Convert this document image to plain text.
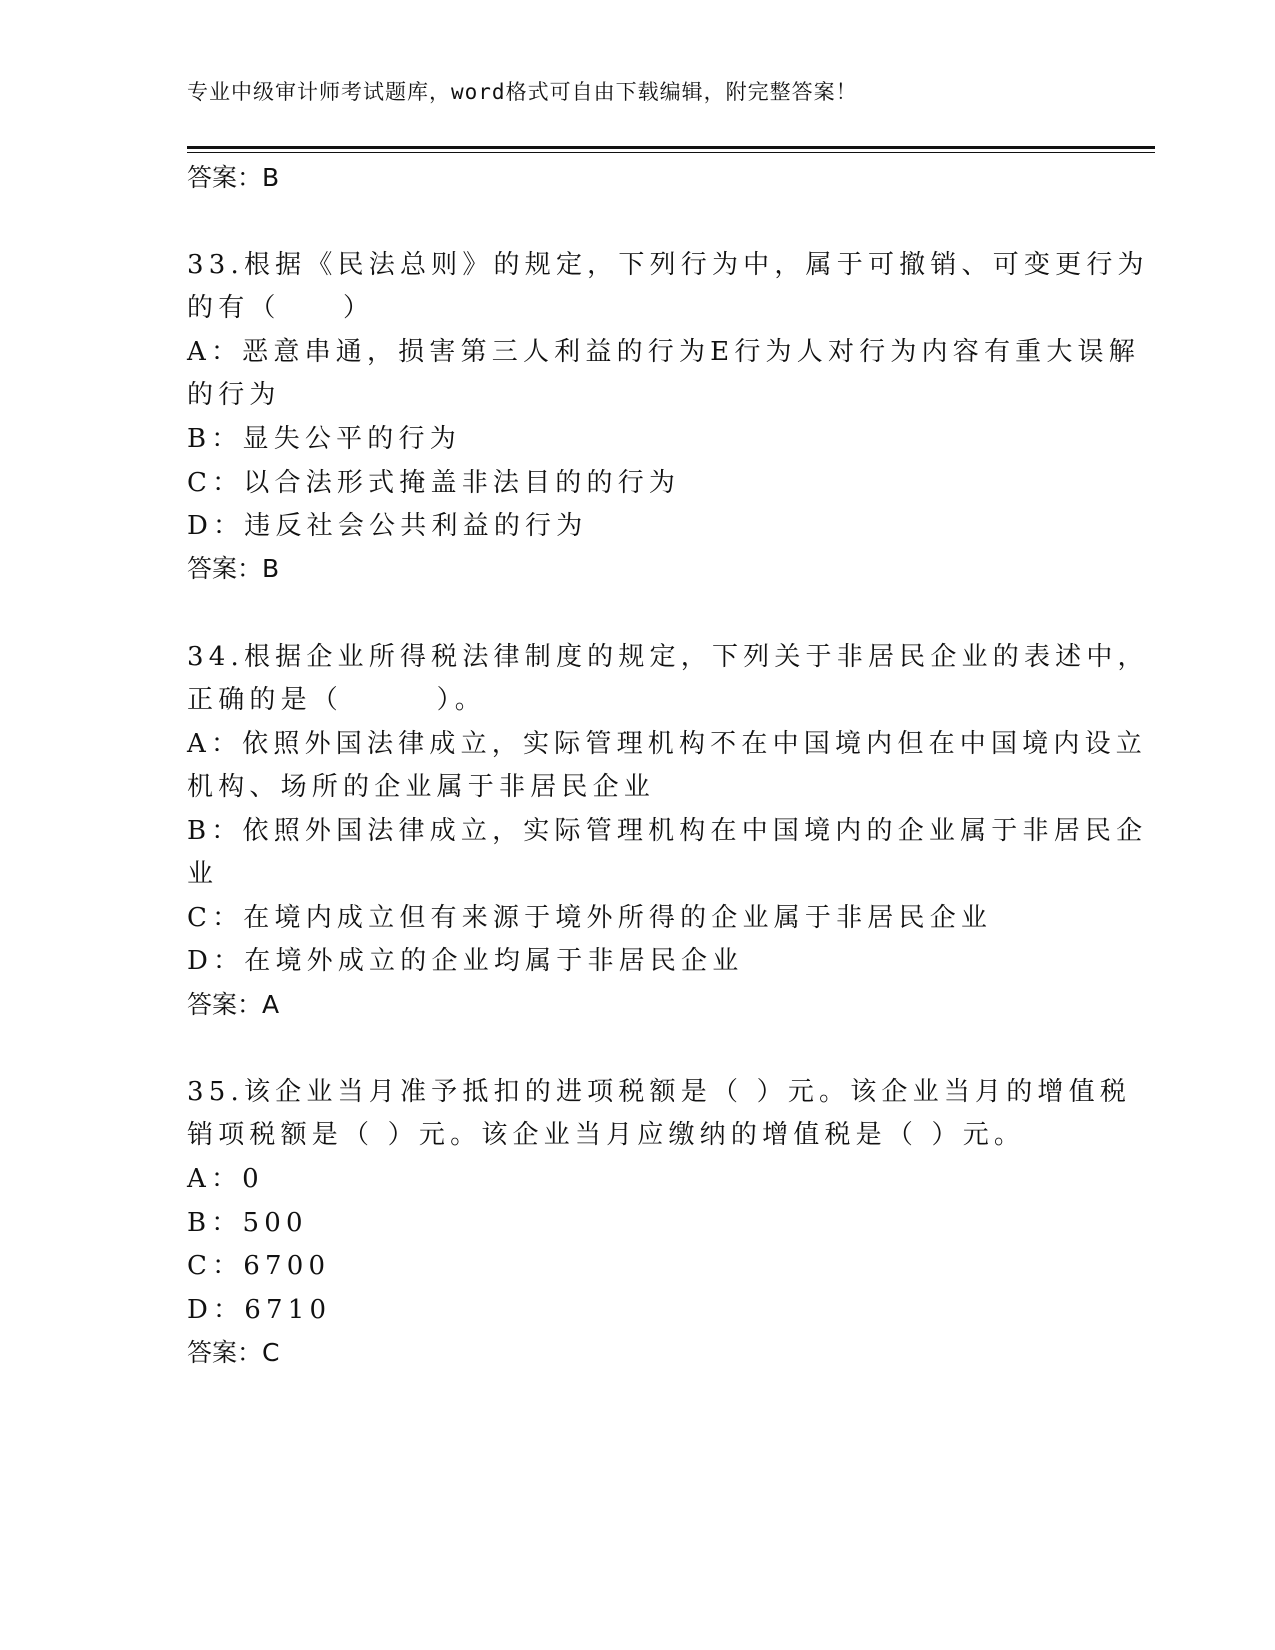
专业中级审计师考试题库，word格式可自由下载编辑，附完整答案！
答案：B
33.根据《民法总则》的规定，下列行为中，属于可撤销、可变更行为
的有（　　）
A：恶意串通，损害第三人利益的行为E行为人对行为内容有重大误解
的行为
B：显失公平的行为
C：以合法形式掩盖非法目的的行为
D：违反社会公共利益的行为
答案：B
34.根据企业所得税法律制度的规定，下列关于非居民企业的表述中，
正确的是（　　　）。
A：依照外国法律成立，实际管理机构不在中国境内但在中国境内设立
机构、场所的企业属于非居民企业
B：依照外国法律成立，实际管理机构在中国境内的企业属于非居民企
业
C：在境内成立但有来源于境外所得的企业属于非居民企业
D：在境外成立的企业均属于非居民企业
答案：A
35.该企业当月准予抵扣的进项税额是（ ）元。该企业当月的增值税
销项税额是（ ）元。该企业当月应缴纳的增值税是（ ）元。
A：0
B：500
C：6700
D：6710
答案：C
